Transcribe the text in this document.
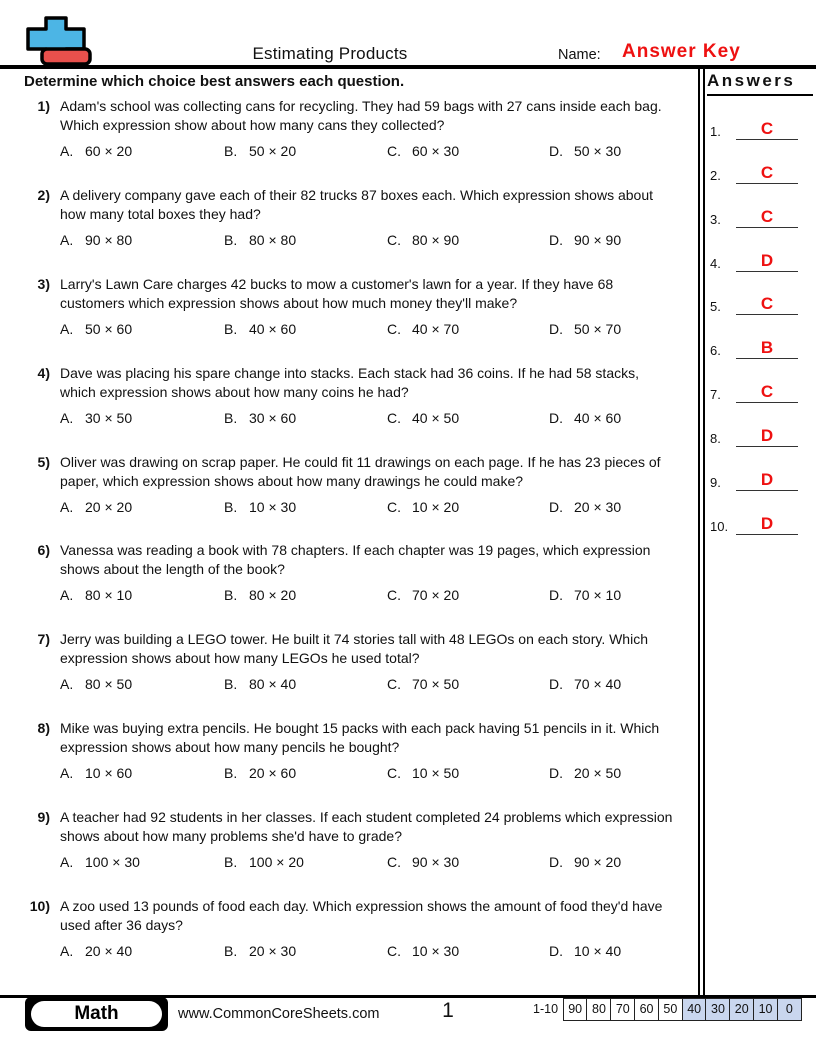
Estimating Products	Name: Answer Key
Determine which choice best answers each question.
1) Adam's school was collecting cans for recycling. They had 59 bags with 27 cans inside each bag. Which expression show about how many cans they collected?
A. 60 × 20	B. 50 × 20	C. 60 × 30	D. 50 × 30
2) A delivery company gave each of their 82 trucks 87 boxes each. Which expression shows about how many total boxes they had?
A. 90 × 80	B. 80 × 80	C. 80 × 90	D. 90 × 90
3) Larry's Lawn Care charges 42 bucks to mow a customer's lawn for a year. If they have 68 customers which expression shows about how much money they'll make?
A. 50 × 60	B. 40 × 60	C. 40 × 70	D. 50 × 70
4) Dave was placing his spare change into stacks. Each stack had 36 coins. If he had 58 stacks, which expression shows about how many coins he had?
A. 30 × 50	B. 30 × 60	C. 40 × 50	D. 40 × 60
5) Oliver was drawing on scrap paper. He could fit 11 drawings on each page. If he has 23 pieces of paper, which expression shows about how many drawings he could make?
A. 20 × 20	B. 10 × 30	C. 10 × 20	D. 20 × 30
6) Vanessa was reading a book with 78 chapters. If each chapter was 19 pages, which expression shows about the length of the book?
A. 80 × 10	B. 80 × 20	C. 70 × 20	D. 70 × 10
7) Jerry was building a LEGO tower. He built it 74 stories tall with 48 LEGOs on each story. Which expression shows about how many LEGOs he used total?
A. 80 × 50	B. 80 × 40	C. 70 × 50	D. 70 × 40
8) Mike was buying extra pencils. He bought 15 packs with each pack having 51 pencils in it. Which expression shows about how many pencils he bought?
A. 10 × 60	B. 20 × 60	C. 10 × 50	D. 20 × 50
9) A teacher had 92 students in her classes. If each student completed 24 problems which expression shows about how many problems she'd have to grade?
A. 100 × 30	B. 100 × 20	C. 90 × 30	D. 90 × 20
10) A zoo used 13 pounds of food each day. Which expression shows the amount of food they'd have used after 36 days?
A. 20 × 40	B. 20 × 30	C. 10 × 30	D. 10 × 40
Answers
1.	C
2.	C
3.	C
4.	D
5.	C
6.	B
7.	C
8.	D
9.	D
10.	D
Math	www.CommonCoreSheets.com	1	1-10 90 80 70 60 50 40 30 20 10	0
